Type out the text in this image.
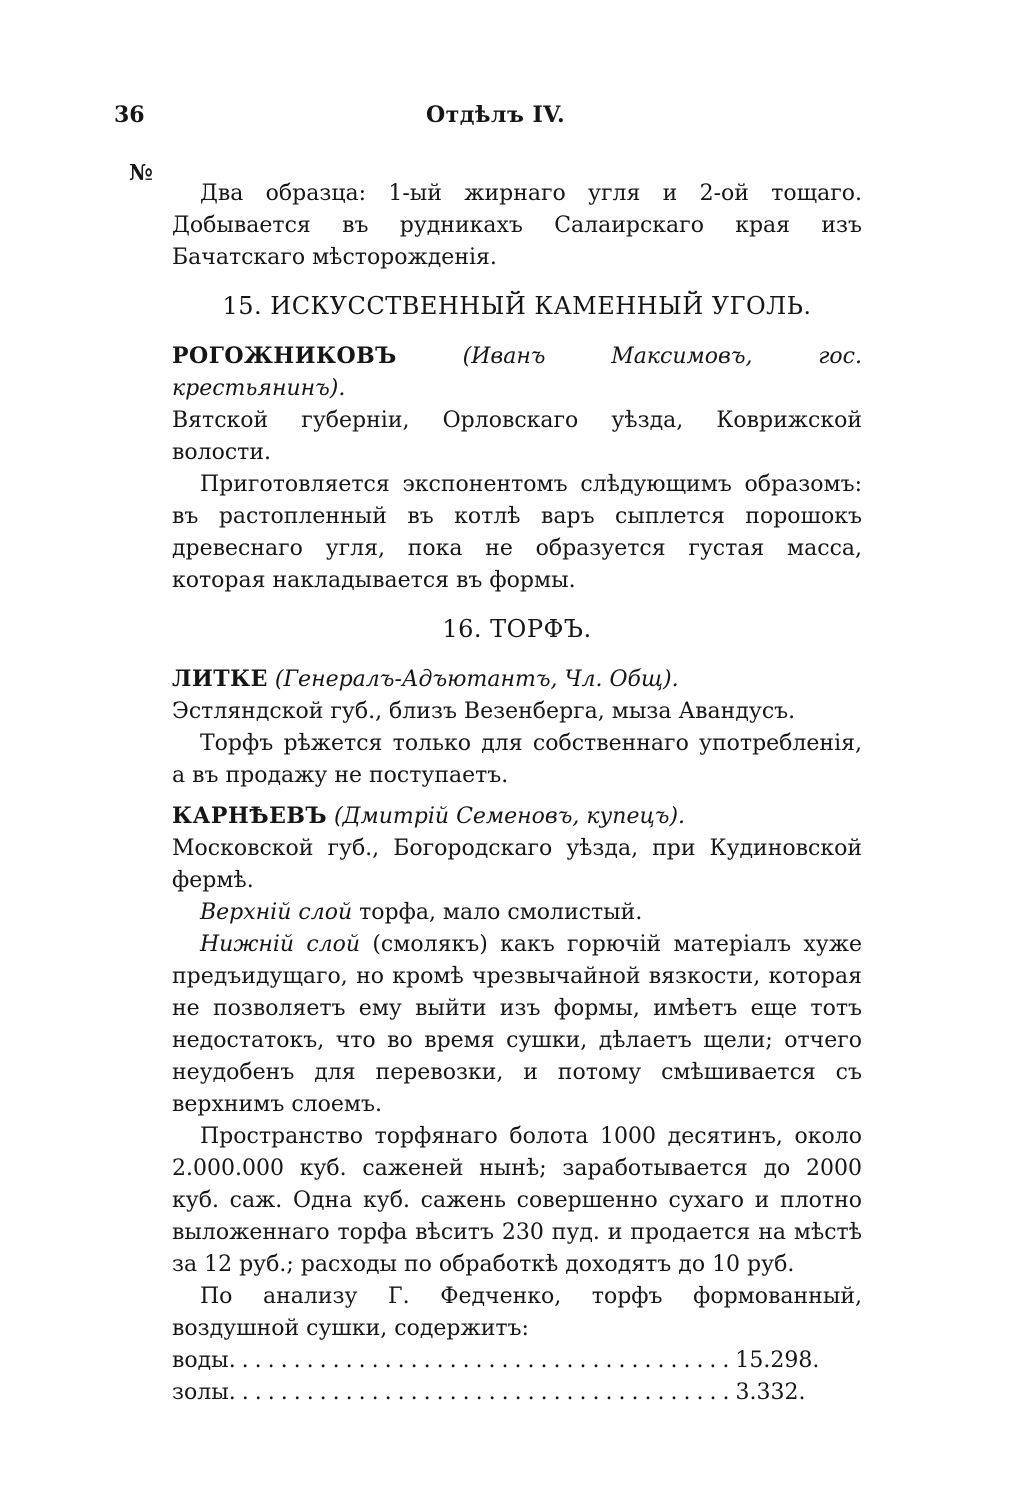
36	Отдѣлъ IV.
№

Два образца: 1-ый жирнаго угля и 2-ой тощаго. Добывается въ рудникахъ Салаирскаго края изъ Бачатскаго мѣсторожденія.

15. ИСКУССТВЕННЫЙ КАМЕННЫЙ УГОЛЬ.

РОГОЖНИКОВЪ	(Иванъ Максимовъ, гос. крестьянинъ).

Вятской губерніи, Орловскаго уѣзда, Коврижской волости.

Приготовляется экспонентомъ слѣдующимъ образомъ: въ растопленный въ котлѣ варъ сыплется порошокъ древеснаго угля, пока не образуется густая масса, которая накладывается въ формы.

16. ТОРФЪ.

ЛИТКЕ (Генералъ-Адъютантъ, Чл. Общ).

Эстляндской губ., близъ Везенберга, мыза Авандусъ.

Торфъ рѣжется только для собственнаго употребленія, а въ продажу не поступаетъ.

КАРНѢЕВЪ (Дмитрій Семеновъ, купецъ).

Московской губ., Богородскаго уѣзда, при Кудиновской фермѣ.

Верхній слой торфа, мало смолистый.

Нижній слой (смолякъ) какъ горючій матеріалъ хуже предъидущаго, но кромѣ чрезвычайной вязкости, которая не позволяетъ ему выйти изъ формы, имѣетъ еще тотъ недостатокъ, что во время сушки, дѣлаетъ щели; отчего неудобенъ для перевозки, и потому смѣшивается съ верхнимъ слоемъ.

Пространство торфянаго болота 1000 десятинъ, около 2.000.000 куб. саженей нынѣ; заработывается до 2000 куб. саж. Одна куб. сажень совершенно сухаго и плотно выложеннаго торфа вѣситъ 230 пуд. и продается на мѣстѣ за 12 руб.; расходы по обработкѣ доходятъ до 10 руб.

По анализу Г. Федченко, торфъ формованный, воздушной сушки, содержитъ:

воды ....................................... 15.298.
золы ....................................... 3.332.
